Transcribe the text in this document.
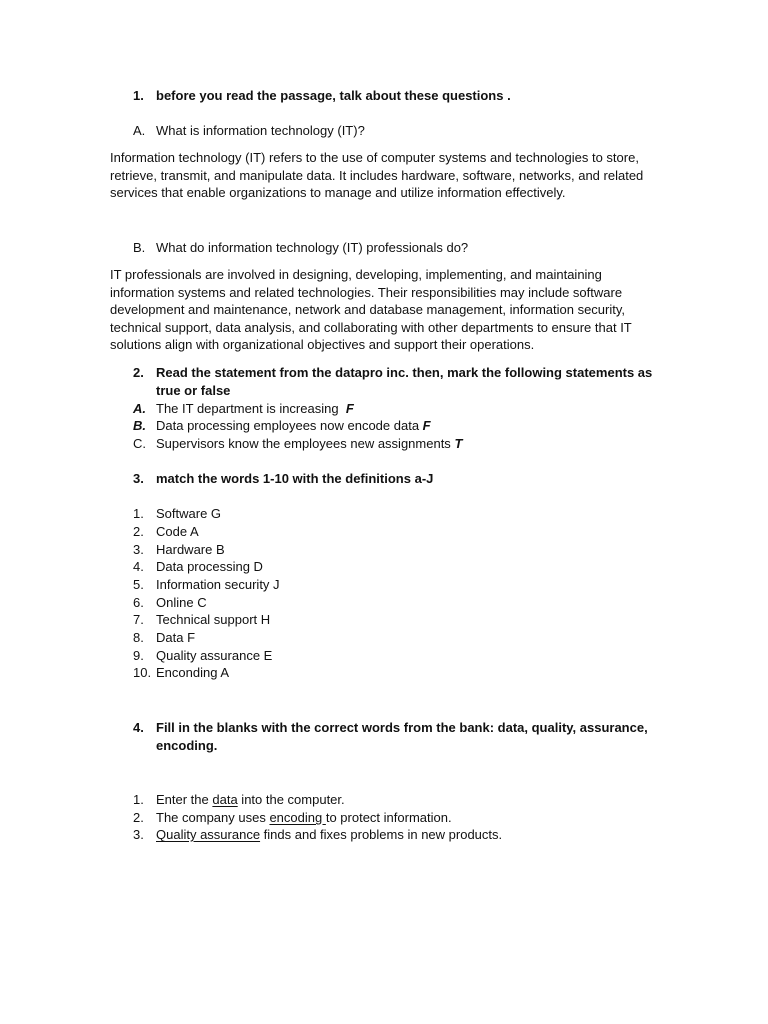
1. before you read the passage, talk about these questions .
A. What is information technology (IT)?
Information technology (IT) refers to the use of computer systems and technologies to store,
retrieve, transmit, and manipulate data. It includes hardware, software, networks, and related
services that enable organizations to manage and utilize information effectively.
B. What do information technology (IT) professionals do?
IT professionals are involved in designing, developing, implementing, and maintaining
information systems and related technologies. Their responsibilities may include software
development and maintenance, network and database management, information security,
technical support, data analysis, and collaborating with other departments to ensure that IT
solutions align with organizational objectives and support their operations.
2. Read the statement from the datapro inc. then, mark the following statements as
true or false
A. The IT department is increasing  F
B. Data processing employees now encode data F
C. Supervisors know the employees new assignments T
3. match the words 1-10 with the definitions a-J
1. Software G
2. Code A
3. Hardware B
4. Data processing D
5. Information security J
6. Online C
7. Technical support H
8. Data F
9. Quality assurance E
10. Enconding A
4. Fill in the blanks with the correct words from the bank: data, quality, assurance,
encoding.
1. Enter the data into the computer.
2. The company uses encoding to protect information.
3. Quality assurance finds and fixes problems in new products.
